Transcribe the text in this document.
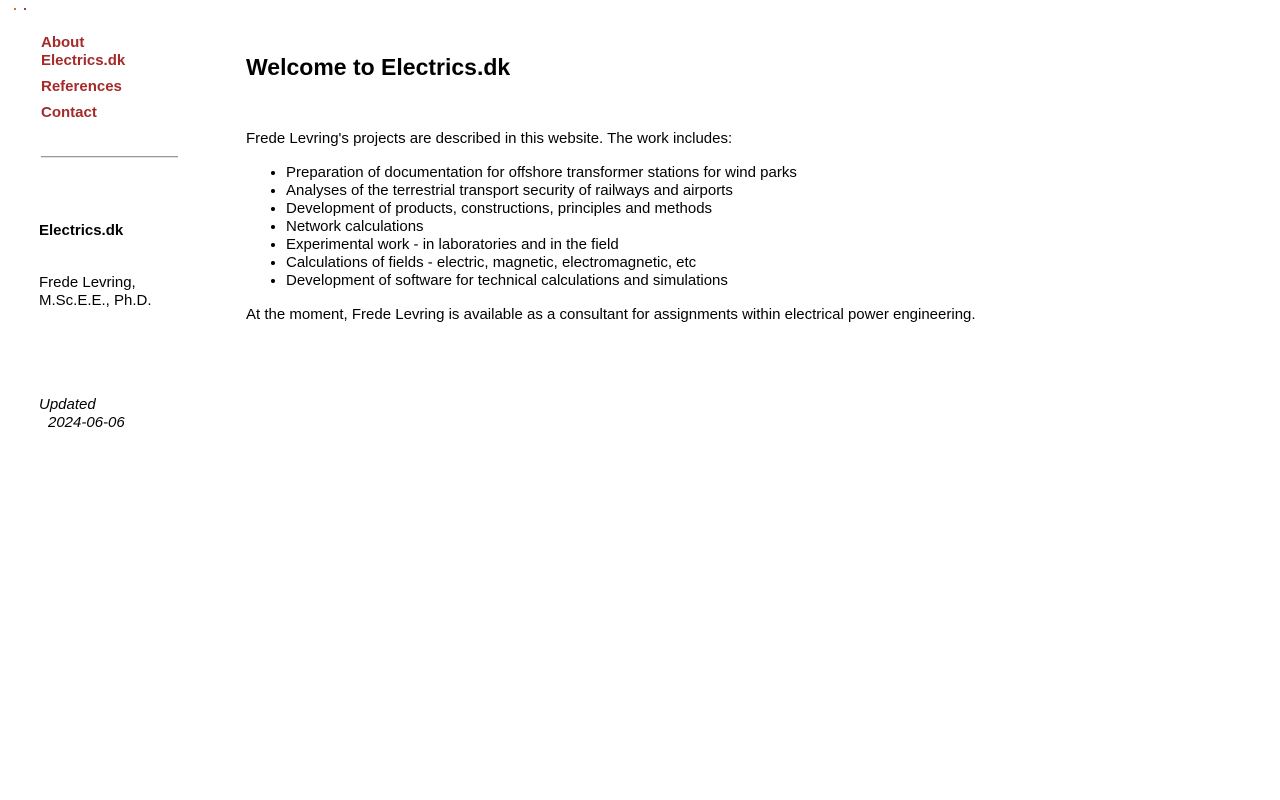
About
Electrics.dk
References
Contact
Electrics.dk
Frede Levring,
M.Sc.E.E., Ph.D.
Updated
2024-06-06
Welcome to Electrics.dk

Frede Levring's projects are described in this website. The work includes:

• Preparation of documentation for offshore transformer stations for wind parks
• Analyses of the terrestrial transport security of railways and airports
• Development of products, constructions, principles and methods
• Network calculations
• Experimental work - in laboratories and in the field
• Calculations of fields - electric, magnetic, electromagnetic, etc
• Development of software for technical calculations and simulations

At the moment, Frede Levring is available as a consultant for assignments within electrical power engineering.
